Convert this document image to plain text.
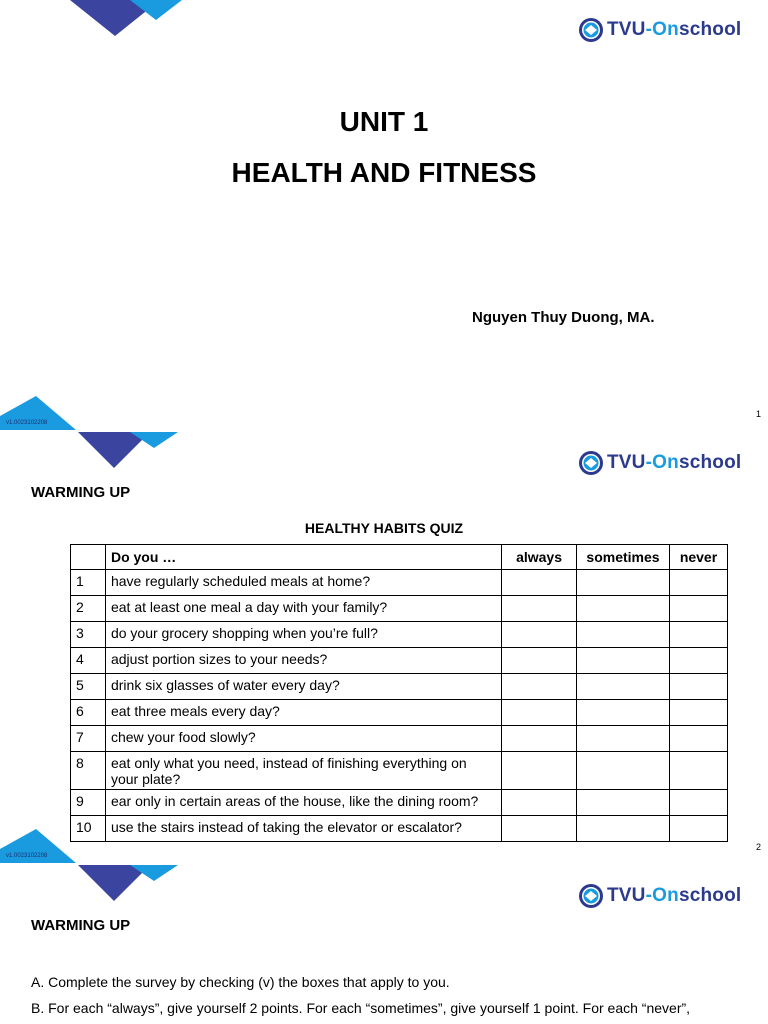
TVU-Onschool
UNIT 1
HEALTH AND FITNESS
Nguyen Thuy Duong, MA.
v1.0023102208
1
TVU-Onschool
WARMING UP
HEALTHY HABITS QUIZ
	Do you …	always	sometimes	never
1	have regularly scheduled meals at home?			
2	eat at least one meal a day with your family?			
3	do your grocery shopping when you’re full?			
4	adjust portion sizes to your needs?			
5	drink six glasses of water every day?			
6	eat three meals every day?			
7	chew your food slowly?			
8	eat only what you need, instead of finishing everything on your plate?			
9	ear only in certain areas of the house, like the dining room?			
10	use the stairs instead of taking the elevator or escalator?			
v1.0023102208
2
TVU-Onschool
WARMING UP
A. Complete the survey by checking (v) the boxes that apply to you.
B. For each “always”, give yourself 2 points. For each “sometimes”, give yourself 1 point. For each “never”,
